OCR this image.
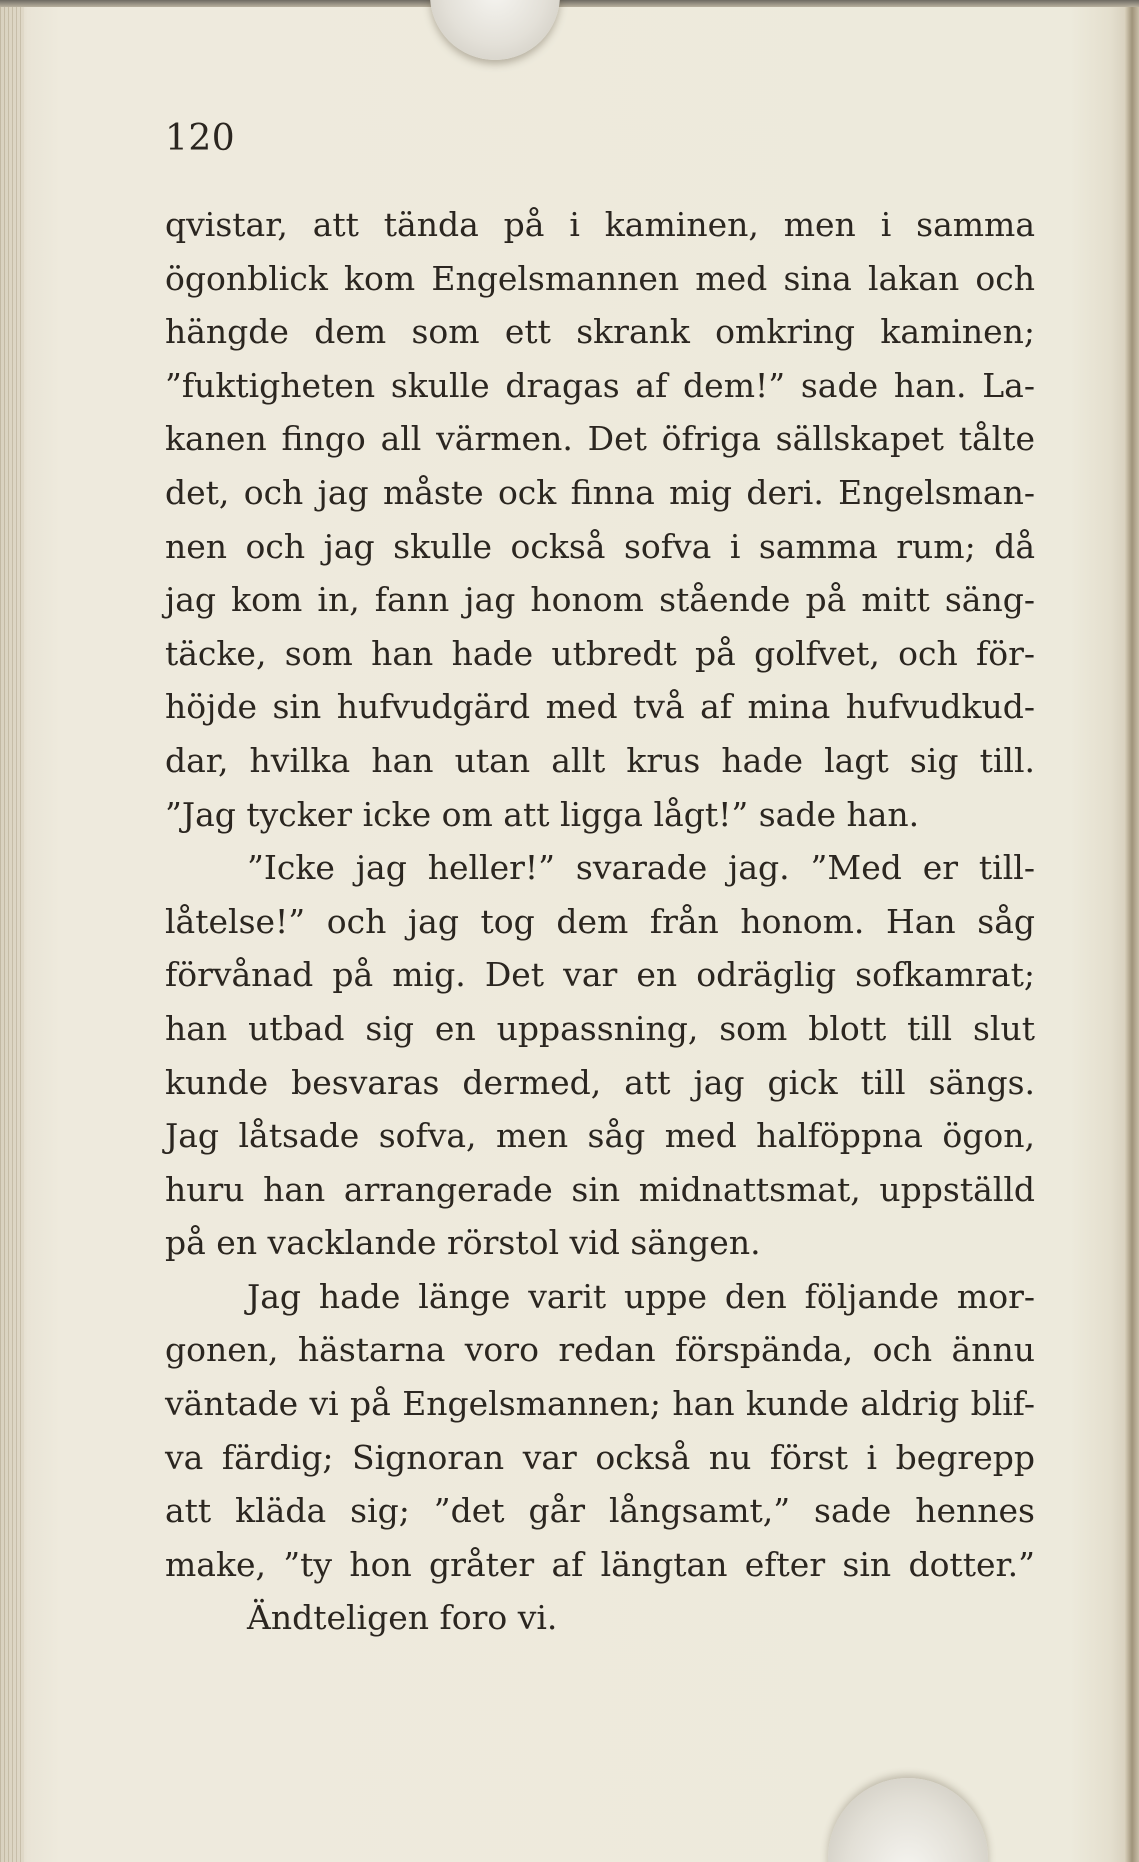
120
qvistar, att tända på i kaminen, men i samma
ögonblick kom Engelsmannen med sina lakan och
hängde dem som ett skrank omkring kaminen;
”fuktigheten skulle dragas af dem!” sade han. La-
kanen fingo all värmen. Det öfriga sällskapet tålte
det, och jag måste ock finna mig deri. Engelsman-
nen och jag skulle också sofva i samma rum; då
jag kom in, fann jag honom stående på mitt säng-
täcke, som han hade utbredt på golfvet, och för-
höjde sin hufvudgärd med två af mina hufvudkud-
dar, hvilka han utan allt krus hade lagt sig till.
”Jag tycker icke om att ligga lågt!” sade han.
”Icke jag heller!” svarade jag. ”Med er till-
låtelse!” och jag tog dem från honom. Han såg
förvånad på mig. Det var en odräglig sofkamrat;
han utbad sig en uppassning, som blott till slut
kunde besvaras dermed, att jag gick till sängs.
Jag låtsade sofva, men såg med halföppna ögon,
huru han arrangerade sin midnattsmat, uppställd
på en vacklande rörstol vid sängen.
Jag hade länge varit uppe den följande mor-
gonen, hästarna voro redan förspända, och ännu
väntade vi på Engelsmannen; han kunde aldrig blif-
va färdig; Signoran var också nu först i begrepp
att kläda sig; ”det går långsamt,” sade hennes
make, ”ty hon gråter af längtan efter sin dotter.”
Ändteligen foro vi.
